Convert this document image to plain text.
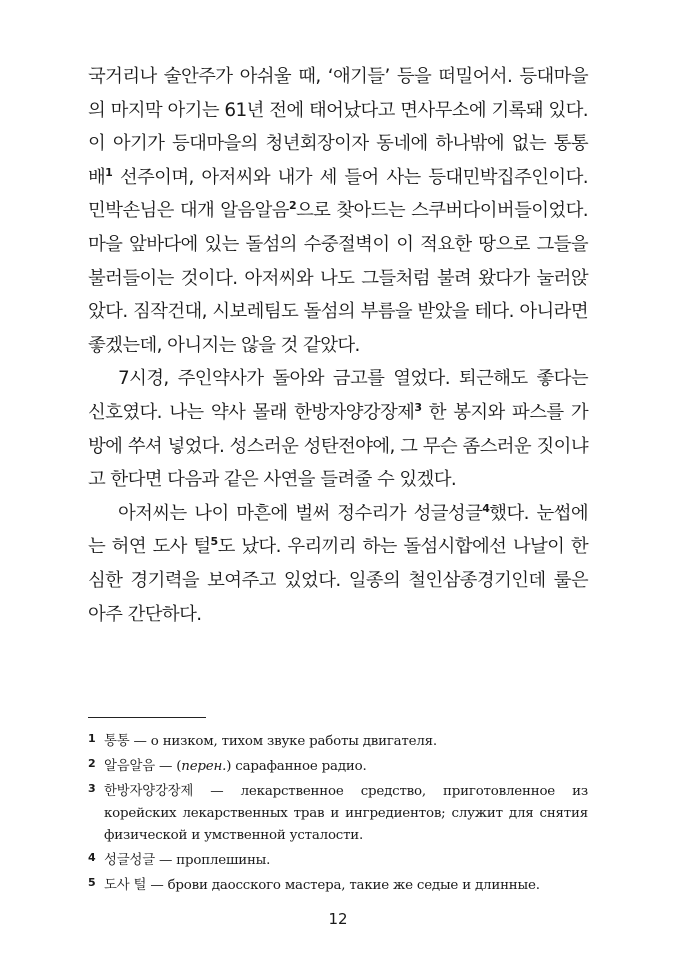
국거리나 술안주가 아쉬울 때, ‘애기들’ 등을 떠밀어서. 등대마을의 마지막 아기는 61년 전에 태어났다고 면사무소에 기록돼 있다. 이 아기가 등대마을의 청년회장이자 동네에 하나밖에 없는 통통배$^1$ 선주이며, 아저씨와 내가 세 들어 사는 등대민박집주인이다. 민박손님은 대개 알음알음$^2$으로 찾아드는 스쿠버다이버들이었다. 마을 앞바다에 있는 돌섬의 수중절벽이 이 적요한 땅으로 그들을 불러들이는 것이다. 아저씨와 나도 그들처럼 불려 왔다가 눌러앉았다. 짐작건대, 시보레팀도 돌섬의 부름을 받았을 테다. 아니라면 좋겠는데, 아니지는 않을 것 같았다.

7시경, 주인약사가 돌아와 금고를 열었다. 퇴근해도 좋다는 신호였다. 나는 약사 몰래 한방자양강장제$^3$ 한 봉지와 파스를 가방에 쑤셔 넣었다. 성스러운 성탄전야에, 그 무슨 좀스러운 짓이냐고 한다면 다음과 같은 사연을 들려줄 수 있겠다.

아저씨는 나이 마흔에 벌써 정수리가 성글성글$^4$했다. 눈썹에는 허연 도사 털$^5$도 났다. 우리끼리 하는 돌섬시합에선 나날이 한심한 경기력을 보여주고 있었다. 일종의 철인삼종경기인데 룰은 아주 간단하다.

1 통통 — о низком, тихом звуке работы двигателя.

2 알음알음 — (перен.) сарафанное радио.

3 한방자양강장제 — лекарственное средство, приготовленное из корейских лекарственных трав и ингредиентов; служит для снятия физической и умственной усталости.

4 성글성글 — проплешины.

5 도사 털 — брови даосского мастера, такие же седые и длинные.

12
